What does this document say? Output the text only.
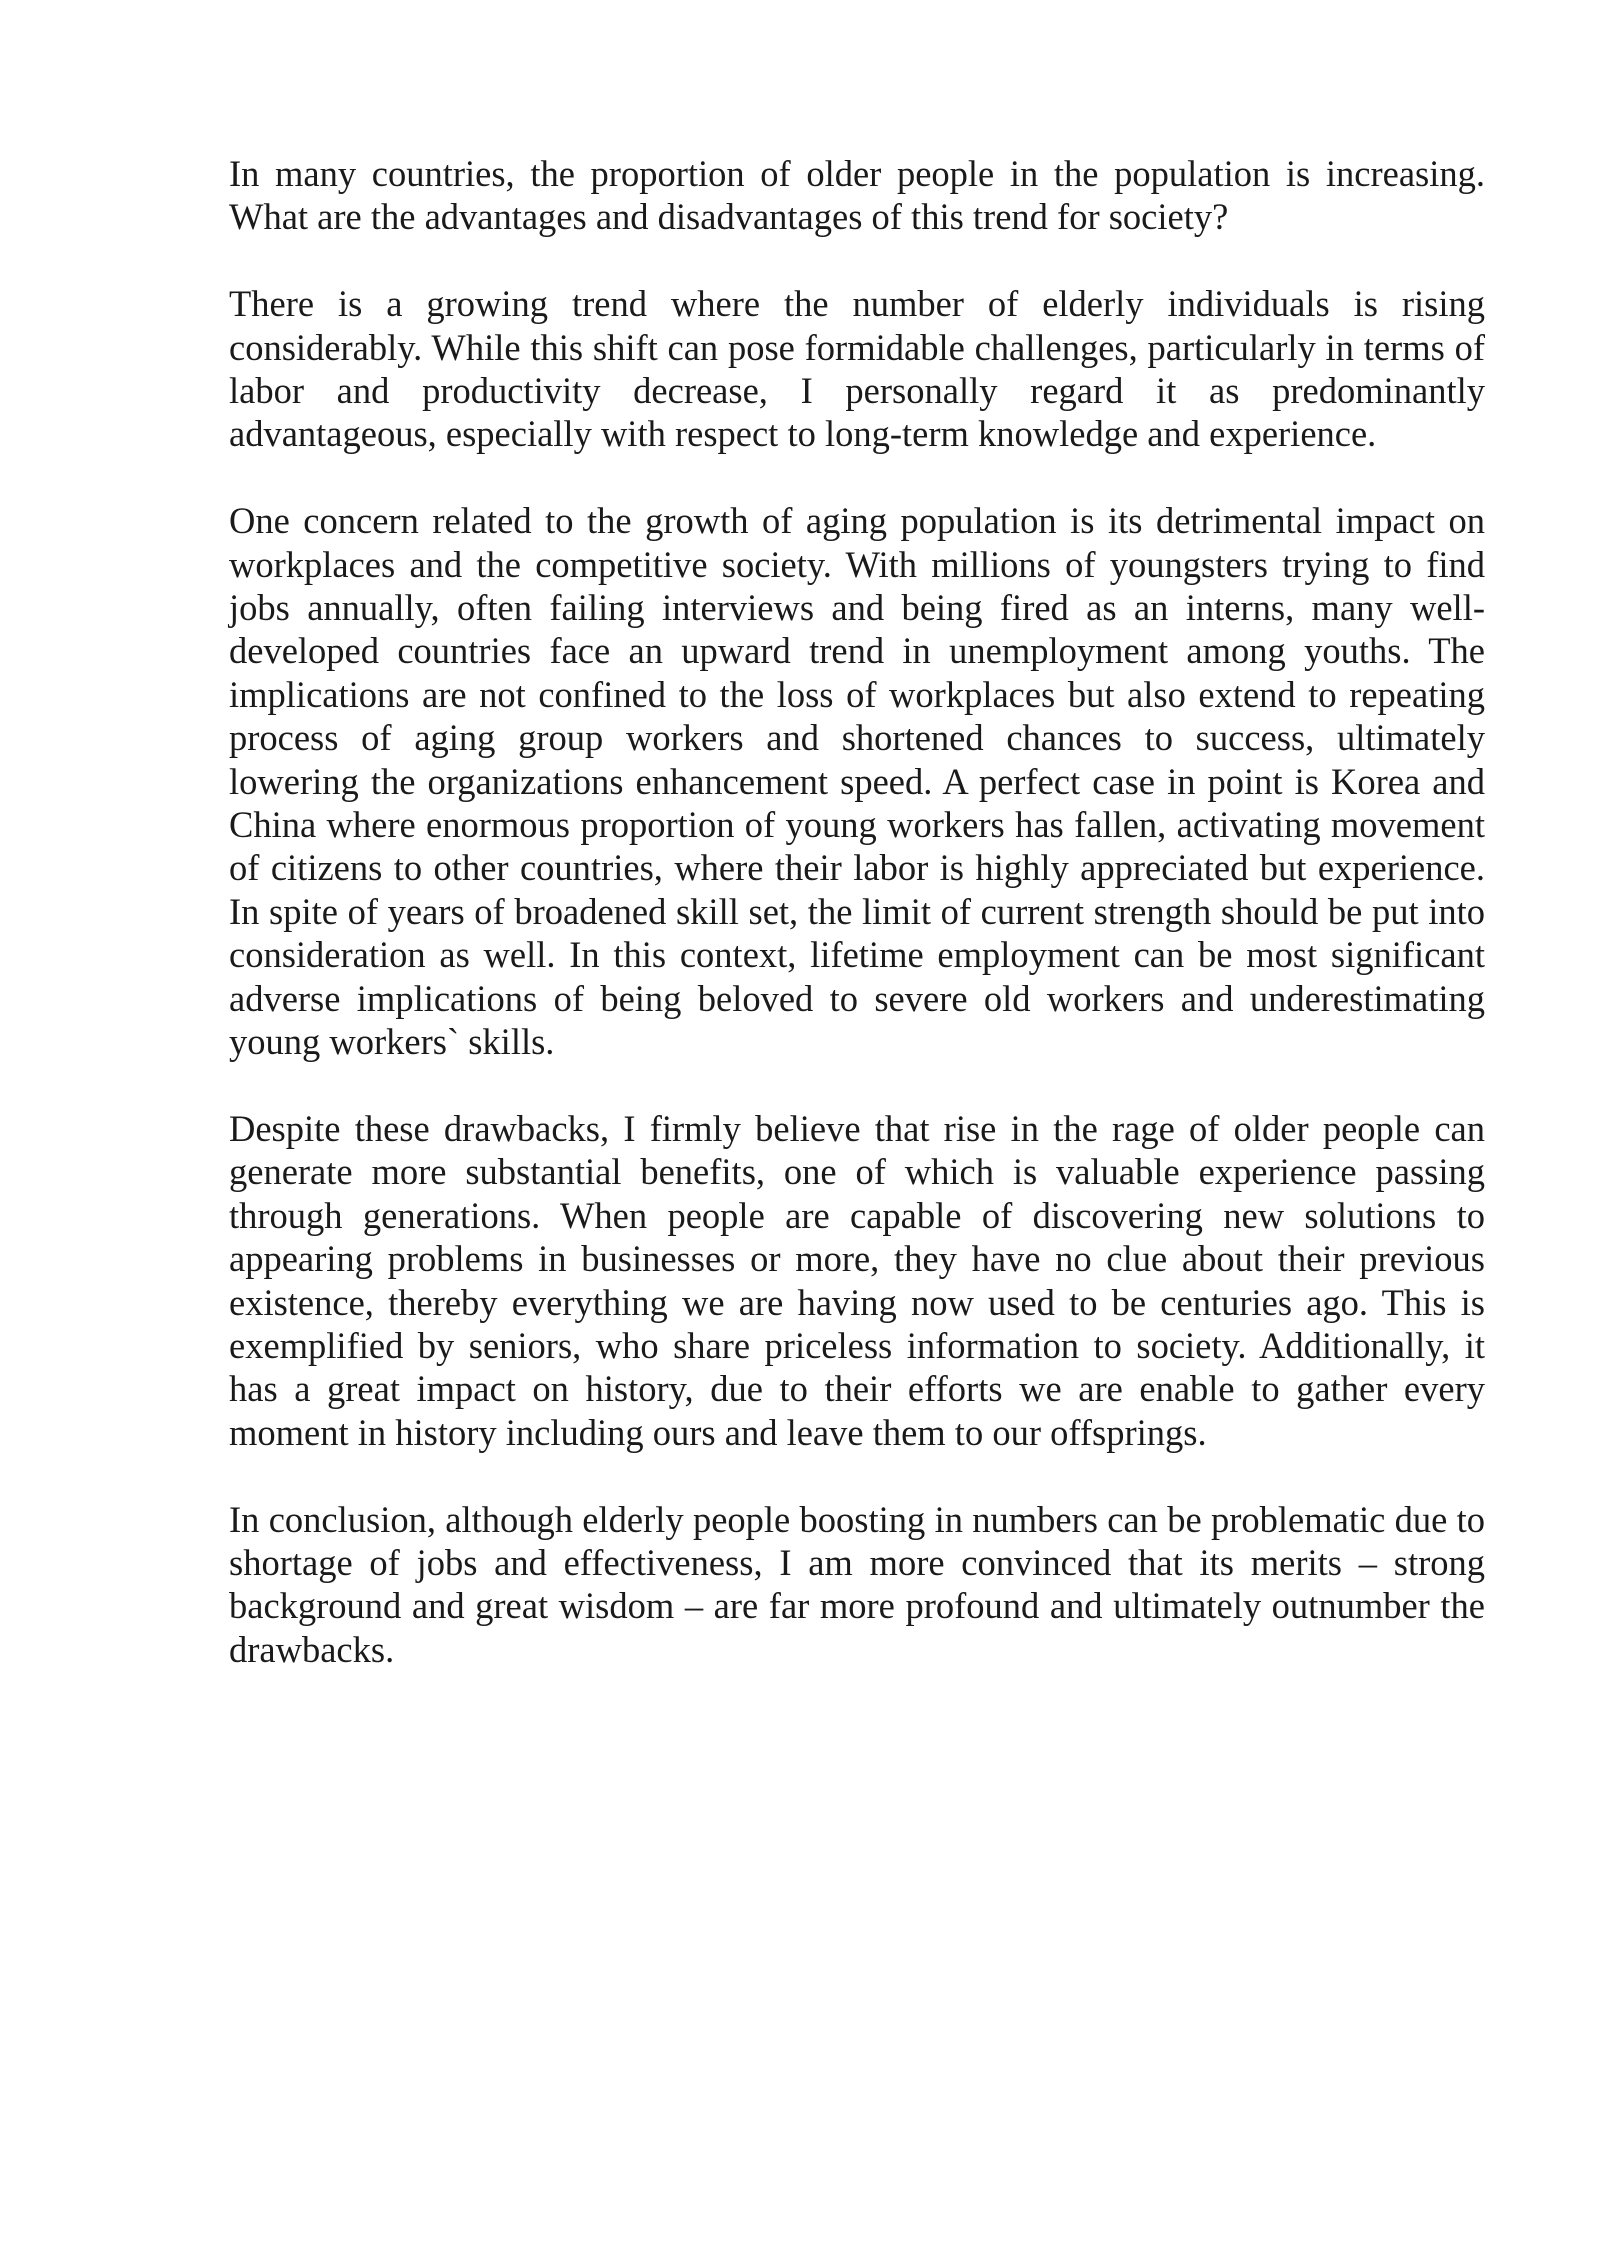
In many countries, the proportion of older people in the population is increasing. What are the advantages and disadvantages of this trend for society?

There is a growing trend where the number of elderly individuals is rising considerably. While this shift can pose formidable challenges, particularly in terms of labor and productivity decrease, I personally regard it as predominantly advantageous, especially with respect to long-term knowledge and experience.

One concern related to the growth of aging population is its detrimental impact on workplaces and the competitive society. With millions of youngsters trying to find jobs annually, often failing interviews and being fired as an interns, many well-developed countries face an upward trend in unemployment among youths. The implications are not confined to the loss of workplaces but also extend to repeating process of aging group workers and shortened chances to success, ultimately lowering the organizations enhancement speed. A perfect case in point is Korea and China where enormous proportion of young workers has fallen, activating movement of citizens to other countries, where their labor is highly appreciated but experience. In spite of years of broadened skill set, the limit of current strength should be put into consideration as well. In this context, lifetime employment can be most significant adverse implications of being beloved to severe old workers and underestimating young workers` skills.

Despite these drawbacks, I firmly believe that rise in the rage of older people can generate more substantial benefits, one of which is valuable experience passing through generations. When people are capable of discovering new solutions to appearing problems in businesses or more, they have no clue about their previous existence, thereby everything we are having now used to be centuries ago. This is exemplified by seniors, who share priceless information to society. Additionally, it has a great impact on history, due to their efforts we are enable to gather every moment in history including ours and leave them to our offsprings.

In conclusion, although elderly people boosting in numbers can be problematic due to shortage of jobs and effectiveness, I am more convinced that its merits – strong background and great wisdom – are far more profound and ultimately outnumber the drawbacks.
